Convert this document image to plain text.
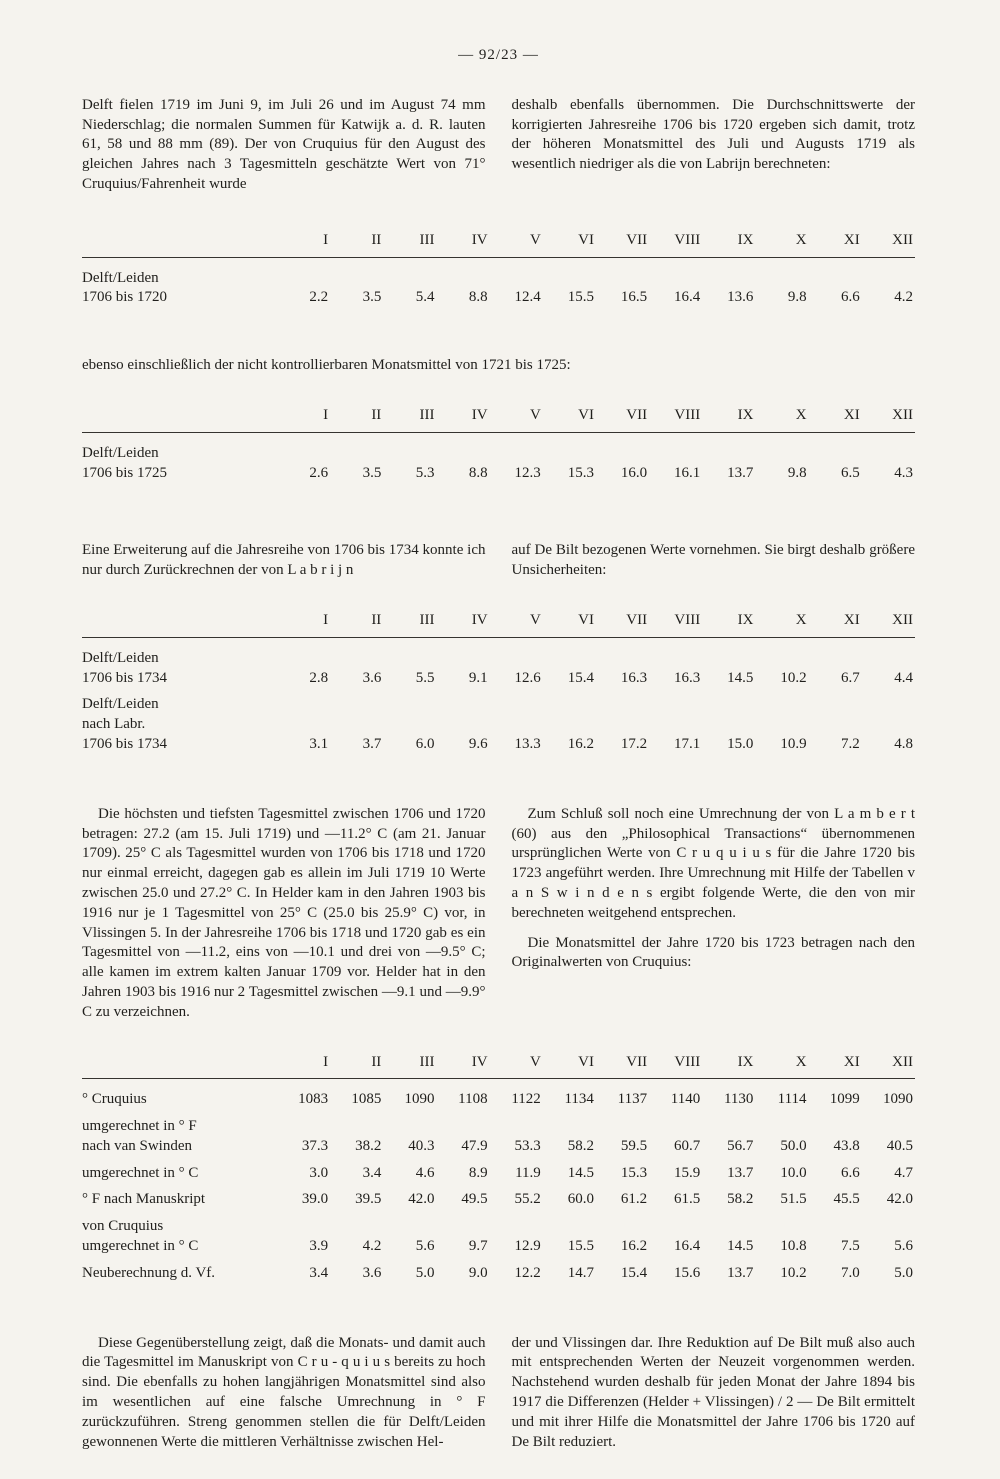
— 92/23 —

Delft fielen 1719 im Juni 9, im Juli 26 und im August 74 mm Niederschlag; die normalen Summen für Katwijk a. d. R. lauten 61, 58 und 88 mm (89). Der von Cruquius für den August des gleichen Jahres nach 3 Tagesmitteln geschätzte Wert von 71° Cruquius/Fahrenheit wurde

deshalb ebenfalls übernommen. Die Durchschnittswerte der korrigierten Jahresreihe 1706 bis 1720 ergeben sich damit, trotz der höheren Monatsmittel des Juli und Augusts 1719 als wesentlich niedriger als die von Labrijn berechneten:

	I	II	III	IV	V	VI	VII	VIII	IX	X	XI	XII

Delft/Leiden
1706 bis 1720	2.2	3.5	5.4	8.8	12.4	15.5	16.5	16.4	13.6	9.8	6.6	4.2

ebenso einschließlich der nicht kontrollierbaren Monatsmittel von 1721 bis 1725:

	I	II	III	IV	V	VI	VII	VIII	IX	X	XI	XII

Delft/Leiden
1706 bis 1725	2.6	3.5	5.3	8.8	12.3	15.3	16.0	16.1	13.7	9.8	6.5	4.3

Eine Erweiterung auf die Jahresreihe von 1706 bis 1734 konnte ich nur durch Zurückrechnen der von L a b r i j n

auf De Bilt bezogenen Werte vornehmen. Sie birgt deshalb größere Unsicherheiten:

	I	II	III	IV	V	VI	VII	VIII	IX	X	XI	XII

Delft/Leiden
1706 bis 1734	2.8	3.6	5.5	9.1	12.6	15.4	16.3	16.3	14.5	10.2	6.7	4.4

Delft/Leiden
nach Labr.
1706 bis 1734	3.1	3.7	6.0	9.6	13.3	16.2	17.2	17.1	15.0	10.9	7.2	4.8

Die höchsten und tiefsten Tagesmittel zwischen 1706 und 1720 betragen: 27.2 (am 15. Juli 1719) und —11.2° C (am 21. Januar 1709). 25° C als Tagesmittel wurden von 1706 bis 1718 und 1720 nur einmal erreicht, dagegen gab es allein im Juli 1719 10 Werte zwischen 25.0 und 27.2° C. In Helder kam in den Jahren 1903 bis 1916 nur je 1 Tagesmittel von 25° C (25.0 bis 25.9° C) vor, in Vlissingen 5. In der Jahresreihe 1706 bis 1718 und 1720 gab es ein Tagesmittel von —11.2, eins von —10.1 und drei von —9.5° C; alle kamen im extrem kalten Januar 1709 vor. Helder hat in den Jahren 1903 bis 1916 nur 2 Tagesmittel zwischen —9.1 und —9.9° C zu verzeichnen.

Zum Schluß soll noch eine Umrechnung der von L a m b e r t (60) aus den „Philosophical Transactions“ übernommenen ursprünglichen Werte von C r u q u i u s für die Jahre 1720 bis 1723 angeführt werden. Ihre Umrechnung mit Hilfe der Tabellen v a n S w i n d e n s ergibt folgende Werte, die den von mir berechneten weitgehend entsprechen.

Die Monatsmittel der Jahre 1720 bis 1723 betragen nach den Originalwerten von Cruquius:

	I	II	III	IV	V	VI	VII	VIII	IX	X	XI	XII

° Cruquius	1083	1085	1090	1108	1122	1134	1137	1140	1130	1114	1099	1090

umgerechnet in ° F
nach van Swinden	37.3	38.2	40.3	47.9	53.3	58.2	59.5	60.7	56.7	50.0	43.8	40.5

umgerechnet in ° C	3.0	3.4	4.6	8.9	11.9	14.5	15.3	15.9	13.7	10.0	6.6	4.7

° F nach Manuskript	39.0	39.5	42.0	49.5	55.2	60.0	61.2	61.5	58.2	51.5	45.5	42.0

von Cruquius
umgerechnet in ° C	3.9	4.2	5.6	9.7	12.9	15.5	16.2	16.4	14.5	10.8	7.5	5.6

Neuberechnung d. Vf.	3.4	3.6	5.0	9.0	12.2	14.7	15.4	15.6	13.7	10.2	7.0	5.0

Diese Gegenüberstellung zeigt, daß die Monats- und damit auch die Tagesmittel im Manuskript von C r u - q u i u s bereits zu hoch sind. Die ebenfalls zu hohen langjährigen Monatsmittel sind also im wesentlichen auf eine falsche Umrechnung in ° F zurückzuführen. Streng genommen stellen die für Delft/Leiden gewonnenen Werte die mittleren Verhältnisse zwischen Hel-

der und Vlissingen dar. Ihre Reduktion auf De Bilt muß also auch mit entsprechenden Werten der Neuzeit vorgenommen werden. Nachstehend wurden deshalb für jeden Monat der Jahre 1894 bis 1917 die Differenzen (Helder + Vlissingen) / 2 — De Bilt ermittelt und mit ihrer Hilfe die Monatsmittel der Jahre 1706 bis 1720 auf De Bilt reduziert.
